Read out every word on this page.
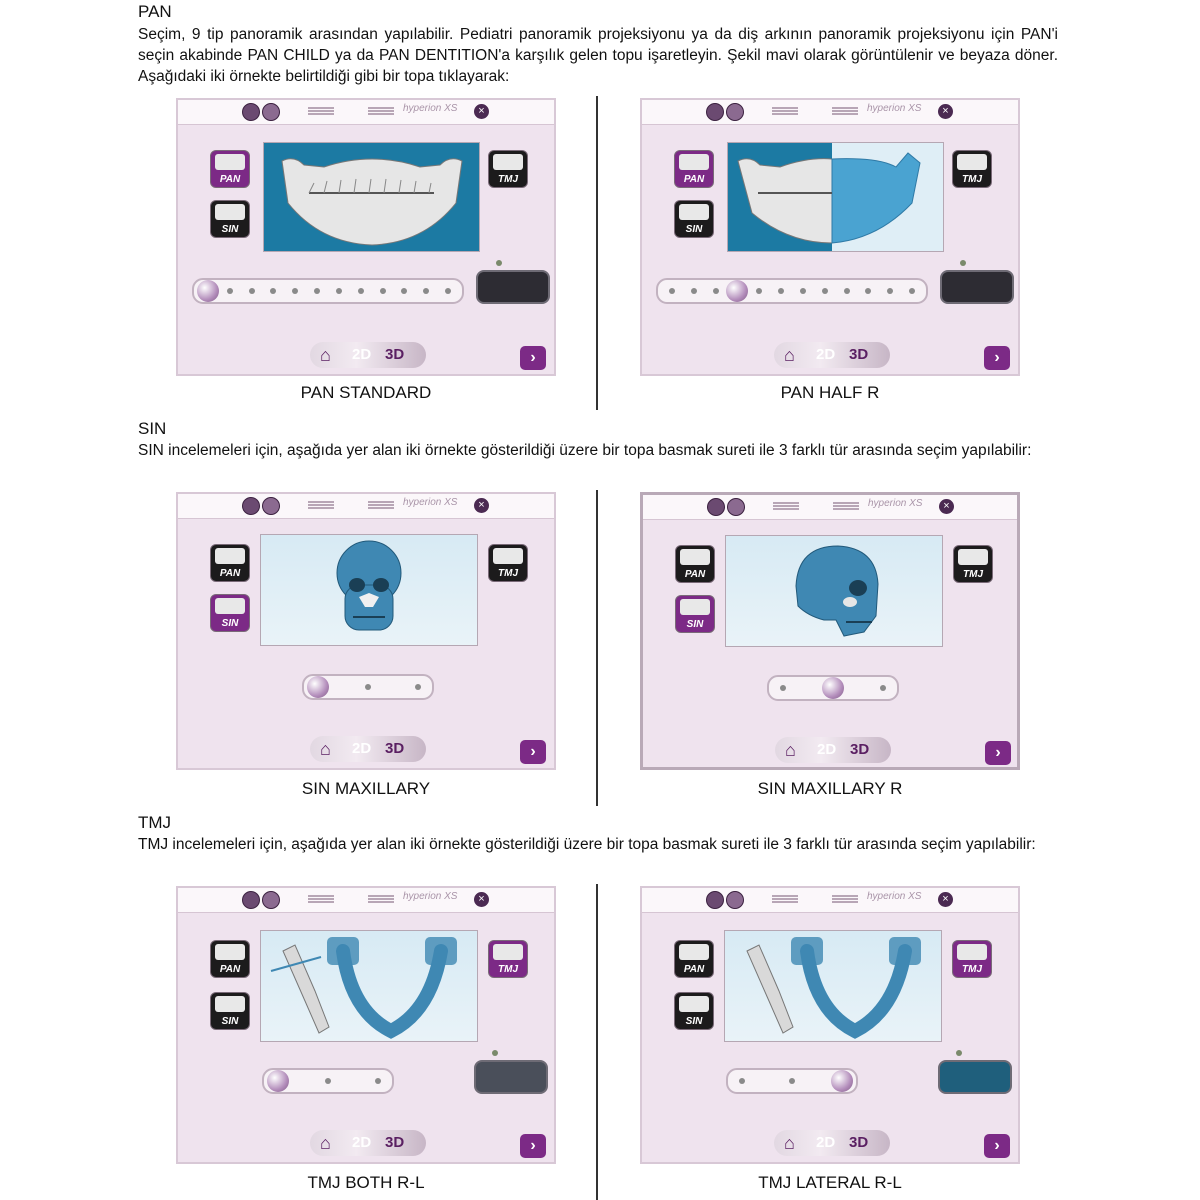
PAN
Seçim, 9 tip panoramik arasından yapılabilir. Pediatri panoramik projeksiyonu ya da diş arkının panoramik projeksiyonu için PAN'i seçin akabinde PAN CHILD ya da PAN DENTITION'a karşılık gelen topu işaretleyin. Şekil mavi olarak görüntülenir ve beyaza döner. Aşağıdaki iki örnekte belirtildiği gibi bir topa tıklayarak:
SIN
SIN incelemeleri için, aşağıda yer alan iki örnekte gösterildiği üzere bir topa basmak sureti ile 3 farklı tür arasında seçim yapılabilir:
TMJ
TMJ incelemeleri için, aşağıda yer alan iki örnekte gösterildiği üzere bir topa basmak sureti ile 3 farklı tür arasında seçim yapılabilir:
hyperion XS	×
PAN
SIN
TMJ
⌂ 2D 3D	›
PAN STANDARD
hyperion XS	×
PAN
SIN
TMJ
⌂ 2D 3D	›
PAN HALF R
hyperion XS	×
PAN
SIN
TMJ
⌂ 2D 3D	›
SIN MAXILLARY
hyperion XS	×
PAN
SIN
TMJ
⌂ 2D 3D	›
SIN MAXILLARY R
hyperion XS	×
PAN
SIN
TMJ
⌂ 2D 3D	›
TMJ BOTH R-L
hyperion XS	×
PAN
SIN
TMJ
⌂ 2D 3D	›
TMJ LATERAL R-L
